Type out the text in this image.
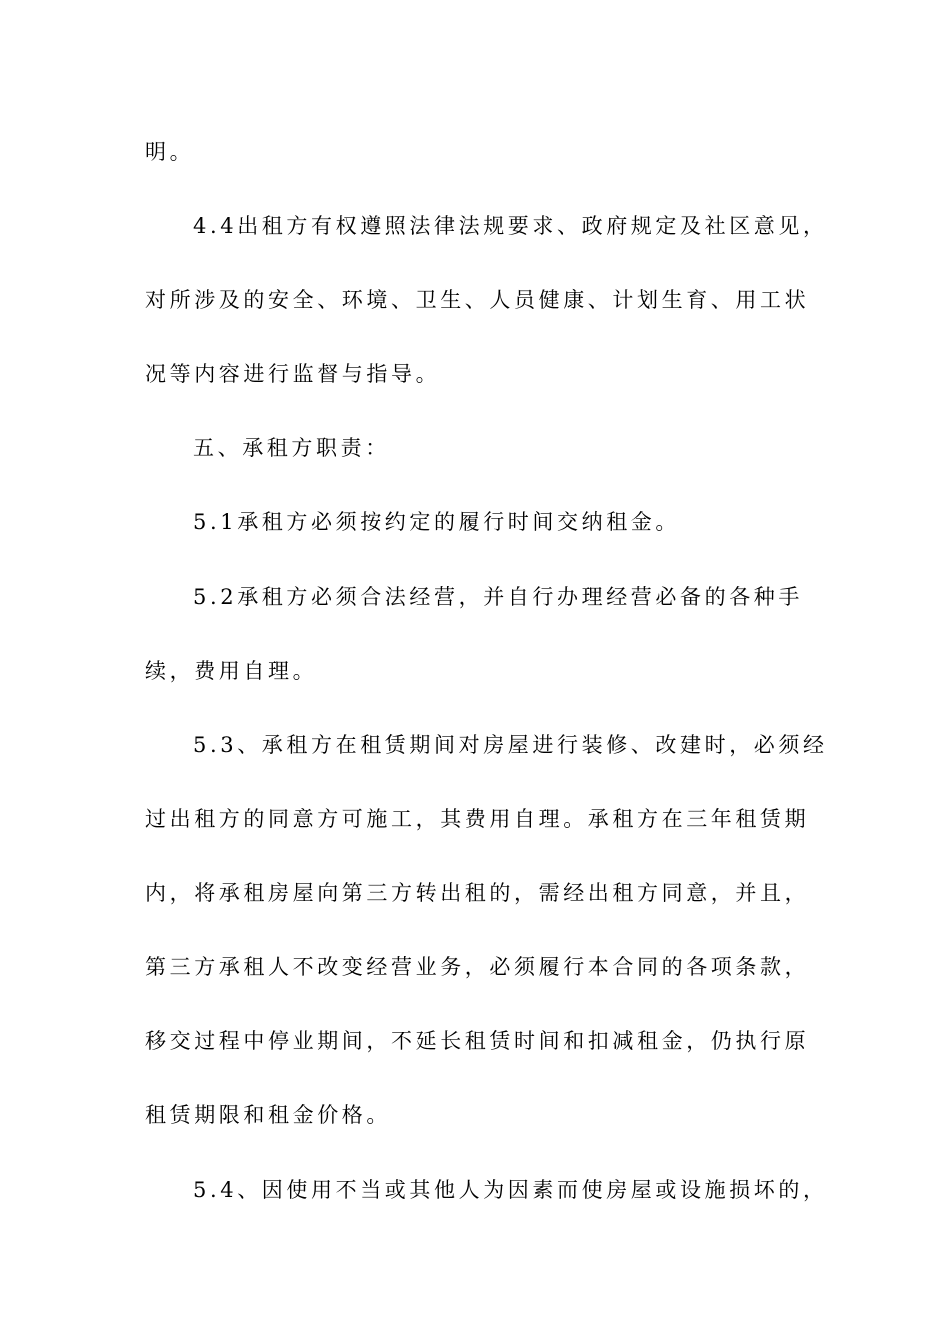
明。
4.4出租方有权遵照法律法规要求、政府规定及社区意见，
对所涉及的安全、环境、卫生、人员健康、计划生育、用工状
况等内容进行监督与指导。
五、承租方职责：
5.1承租方必须按约定的履行时间交纳租金。
5.2承租方必须合法经营，并自行办理经营必备的各种手
续，费用自理。
5.3、承租方在租赁期间对房屋进行装修、改建时，必须经
过出租方的同意方可施工，其费用自理。承租方在三年租赁期
内，将承租房屋向第三方转出租的，需经出租方同意，并且，
第三方承租人不改变经营业务，必须履行本合同的各项条款，
移交过程中停业期间，不延长租赁时间和扣减租金，仍执行原
租赁期限和租金价格。
5.4、因使用不当或其他人为因素而使房屋或设施损坏的，
